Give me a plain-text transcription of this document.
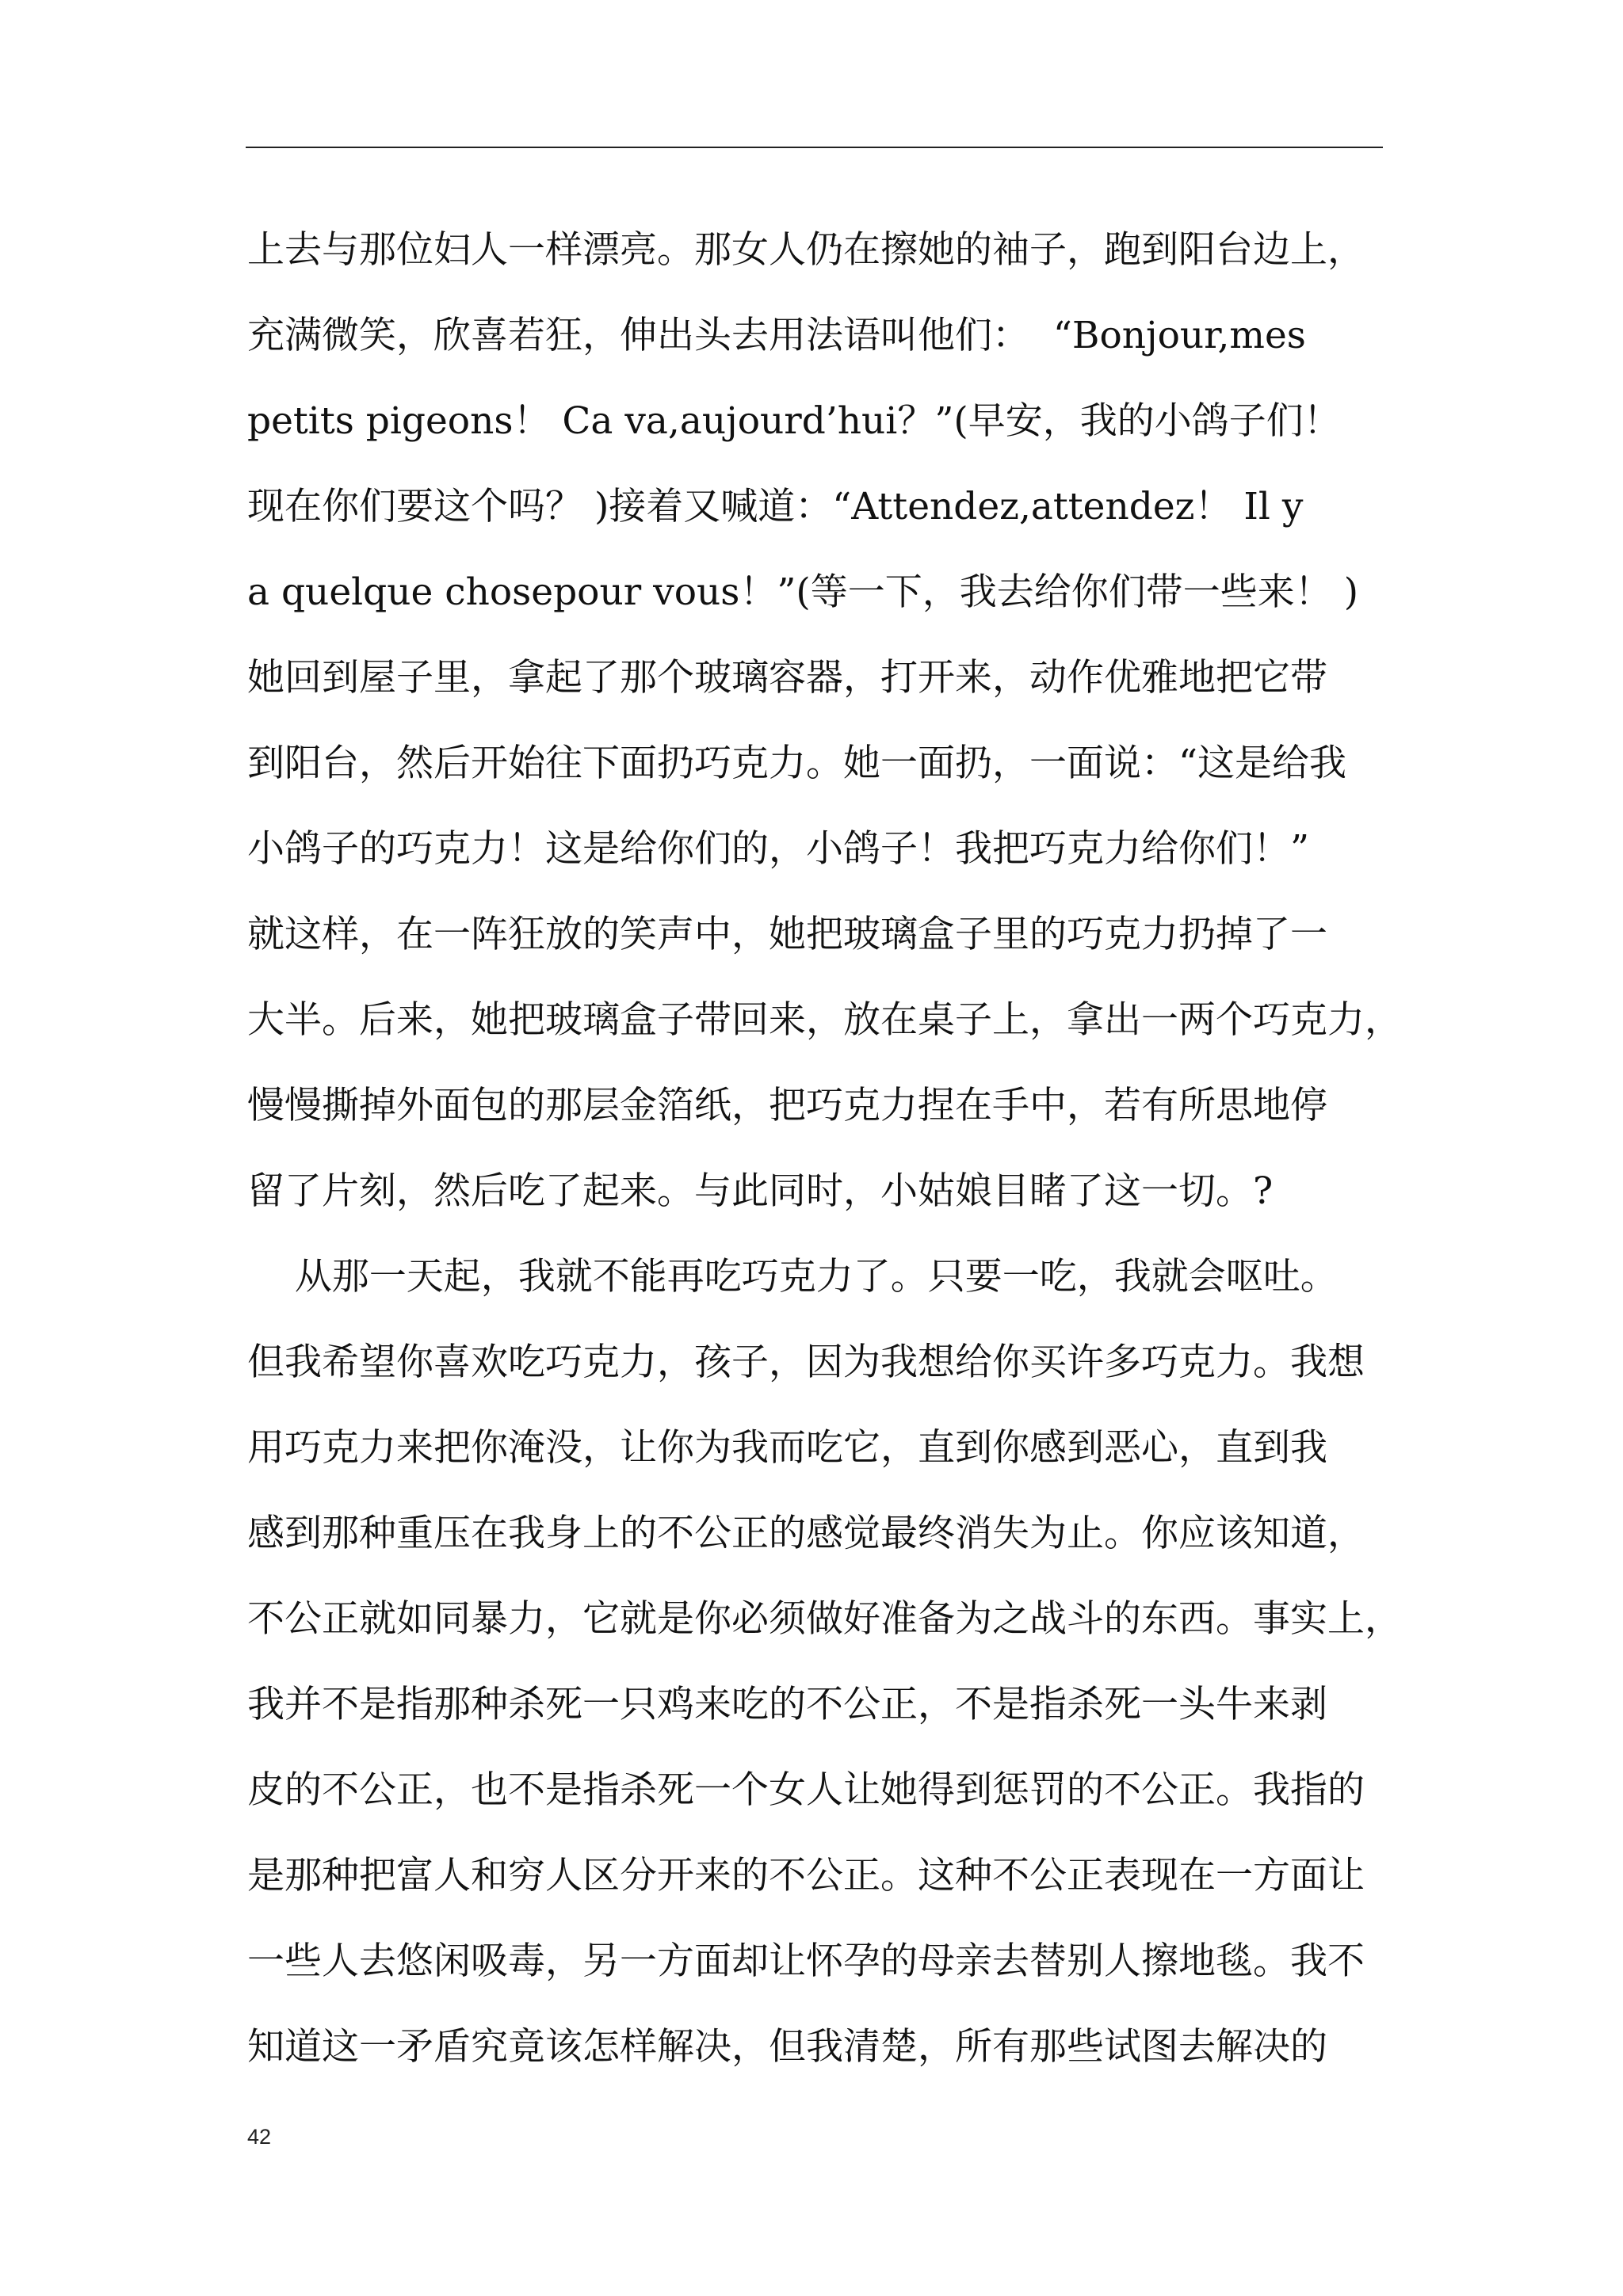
上去与那位妇人一样漂亮。那女人仍在擦她的袖子，跑到阳台边上，
充满微笑，欣喜若狂，伸出头去用法语叫他们：  “Bonjour,mes
petits pigeons！ Ca va,aujourd’hui？”(早安，我的小鸽子们！
现在你们要这个吗？ )接着又喊道：“Attendez,attendez！ Il y
a quelque chosepour vous！”(等一下，我去给你们带一些来！ )
她回到屋子里，拿起了那个玻璃容器，打开来，动作优雅地把它带
到阳台，然后开始往下面扔巧克力。她一面扔，一面说：“这是给我
小鸽子的巧克力！这是给你们的，小鸽子！我把巧克力给你们！”
就这样，在一阵狂放的笑声中，她把玻璃盒子里的巧克力扔掉了一
大半。后来，她把玻璃盒子带回来，放在桌子上，拿出一两个巧克力，
慢慢撕掉外面包的那层金箔纸，把巧克力捏在手中，若有所思地停
留了片刻，然后吃了起来。与此同时，小姑娘目睹了这一切。?
从那一天起，我就不能再吃巧克力了。只要一吃，我就会呕吐。
但我希望你喜欢吃巧克力，孩子，因为我想给你买许多巧克力。我想
用巧克力来把你淹没，让你为我而吃它，直到你感到恶心，直到我
感到那种重压在我身上的不公正的感觉最终消失为止。你应该知道，
不公正就如同暴力，它就是你必须做好准备为之战斗的东西。事实上，
我并不是指那种杀死一只鸡来吃的不公正，不是指杀死一头牛来剥
皮的不公正，也不是指杀死一个女人让她得到惩罚的不公正。我指的
是那种把富人和穷人区分开来的不公正。这种不公正表现在一方面让
一些人去悠闲吸毒，另一方面却让怀孕的母亲去替别人擦地毯。我不
知道这一矛盾究竟该怎样解决，但我清楚，所有那些试图去解决的
42
